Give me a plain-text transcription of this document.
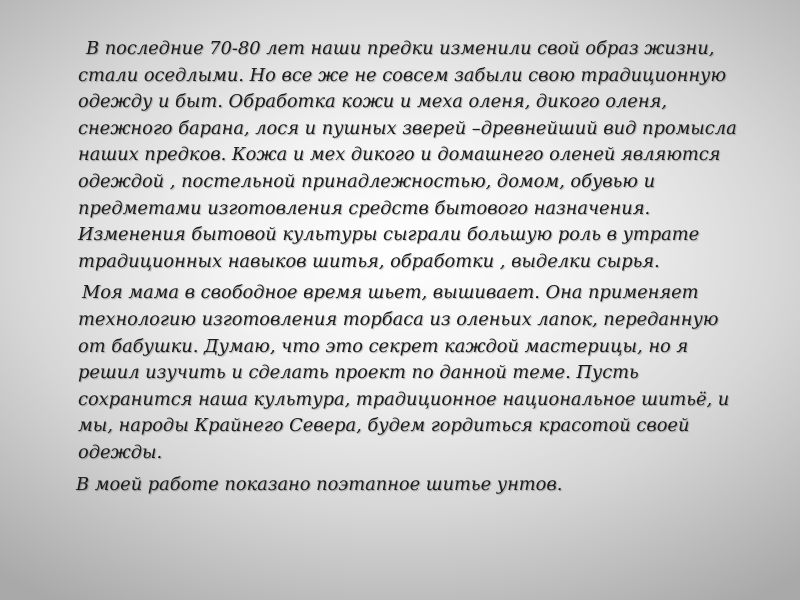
В последние 70-80 лет наши предки изменили свой образ жизни, стали оседлыми. Но все же не совсем забыли свою традиционную одежду и быт. Обработка кожи и меха оленя, дикого оленя, снежного барана, лося и пушных зверей –древнейший вид промысла наших предков. Кожа и мех дикого и домашнего оленей являются одеждой , постельной принадлежностью, домом, обувью и предметами изготовления средств бытового назначения. Изменения бытовой культуры сыграли большую роль в утрате традиционных навыков шитья, обработки , выделки сырья.

Моя мама в свободное время шьет, вышивает. Она применяет технологию изготовления торбаса из оленьих лапок, переданную от бабушки. Думаю, что это секрет каждой мастерицы, но я решил изучить и сделать проект по данной теме. Пусть сохранится наша культура, традиционное национальное шитьё, и мы, народы Крайнего Севера, будем гордиться красотой своей одежды.

В моей работе показано поэтапное шитье унтов.
